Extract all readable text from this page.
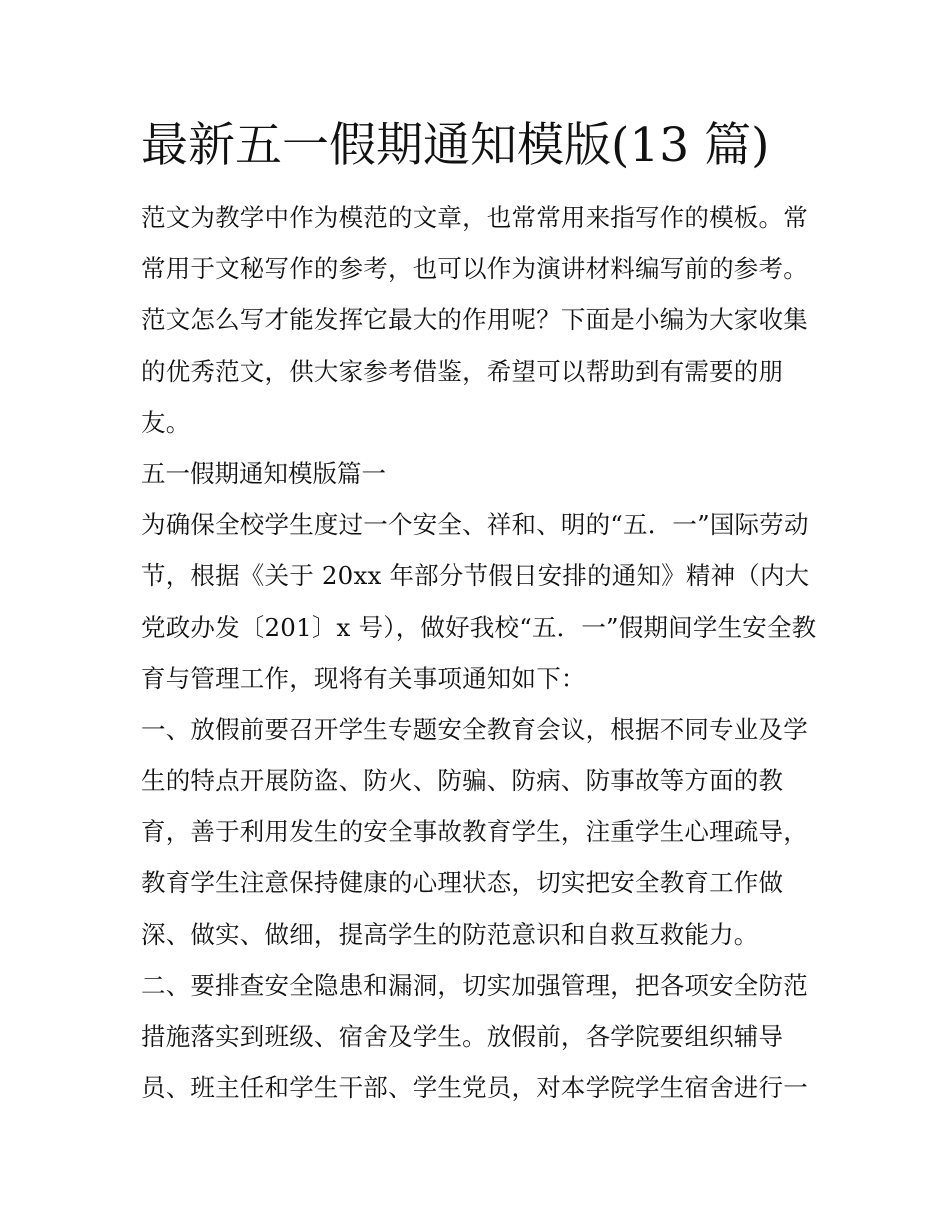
最新五一假期通知模版(13 篇)

范文为教学中作为模范的文章，也常常用来指写作的模板。常
常用于文秘写作的参考，也可以作为演讲材料编写前的参考。
范文怎么写才能发挥它最大的作用呢？下面是小编为大家收集
的优秀范文，供大家参考借鉴，希望可以帮助到有需要的朋
友。

五一假期通知模版篇一

为确保全校学生度过一个安全、祥和、明的“五．一”国际劳动
节，根据《关于 20xx 年部分节假日安排的通知》精神（内大
党政办发〔201〕x 号），做好我校“五．一”假期间学生安全教
育与管理工作，现将有关事项通知如下：

一、放假前要召开学生专题安全教育会议，根据不同专业及学
生的特点开展防盗、防火、防骗、防病、防事故等方面的教
育，善于利用发生的安全事故教育学生，注重学生心理疏导，
教育学生注意保持健康的心理状态，切实把安全教育工作做
深、做实、做细，提高学生的防范意识和自救互救能力。

二、要排查安全隐患和漏洞，切实加强管理，把各项安全防范
措施落实到班级、宿舍及学生。放假前，各学院要组织辅导
员、班主任和学生干部、学生党员，对本学院学生宿舍进行一
